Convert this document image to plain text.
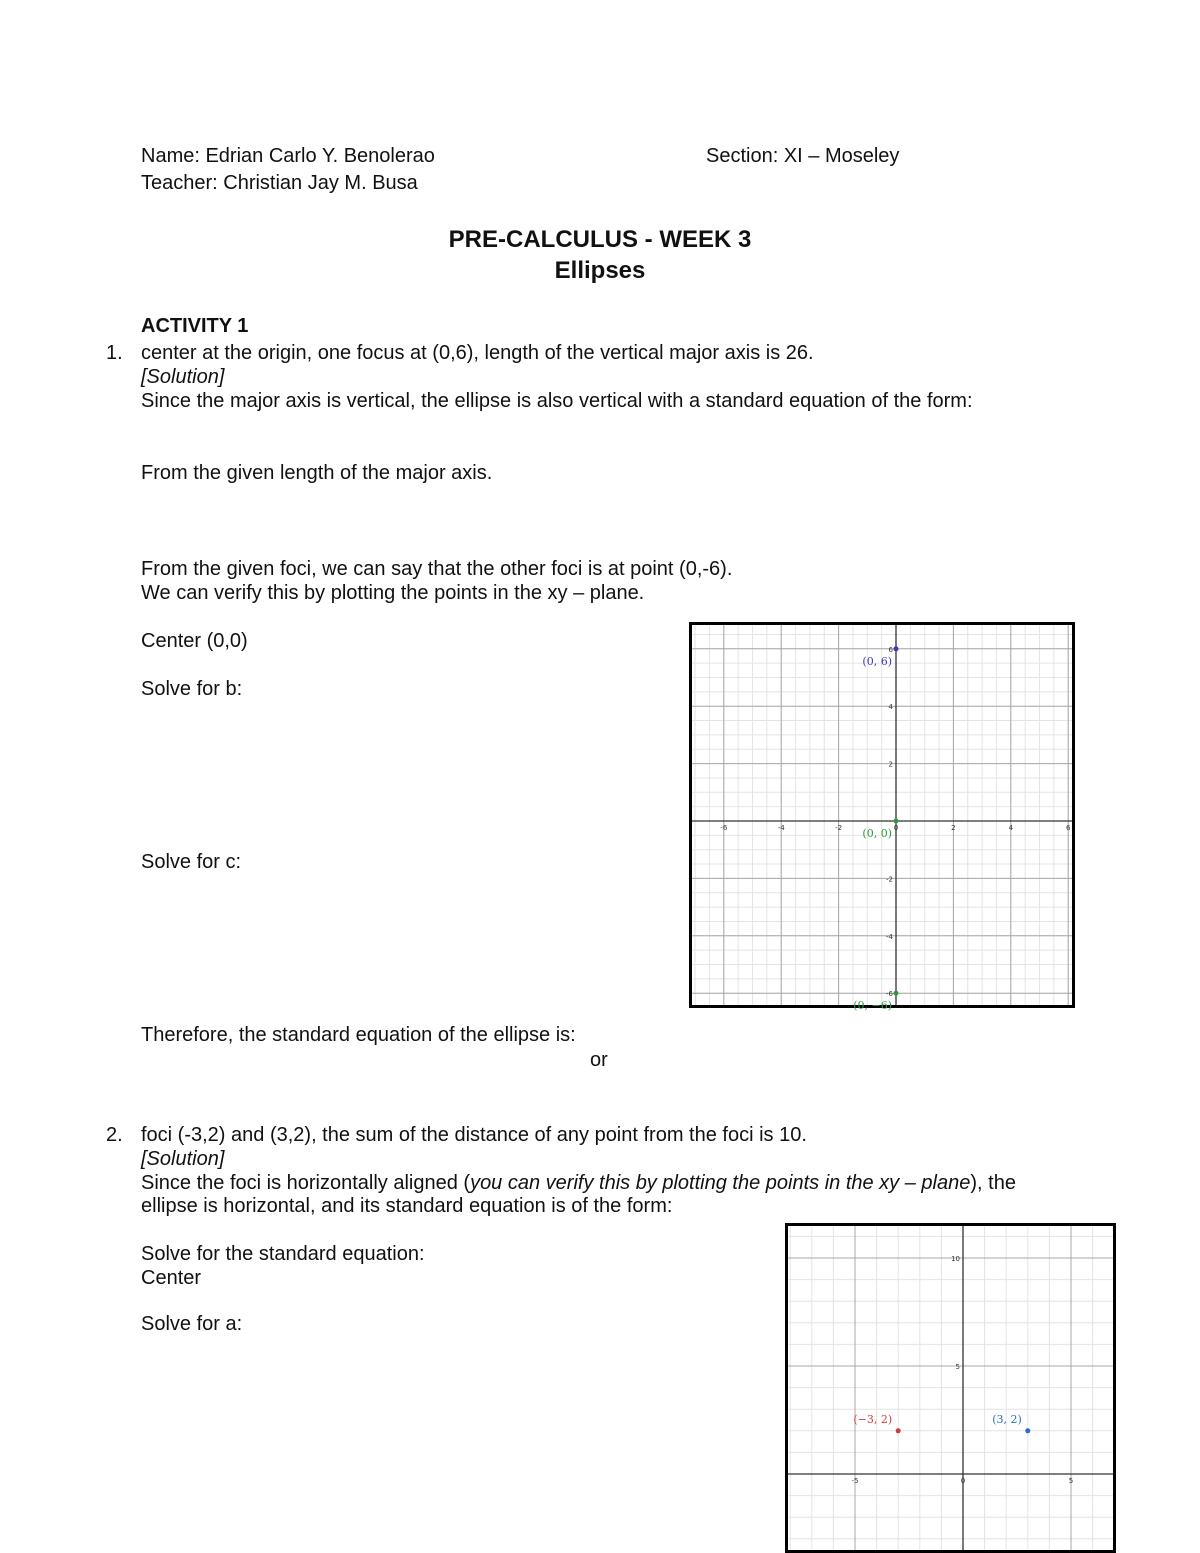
Name: Edrian Carlo Y. Benolerao	Section: XI – Moseley
Teacher: Christian Jay M. Busa
PRE-CALCULUS - WEEK 3
Ellipses
ACTIVITY 1
1. center at the origin, one focus at (0,6), length of the vertical major axis is 26.
[Solution]
Since the major axis is vertical, the ellipse is also vertical with a standard equation of the form:
From the given length of the major axis.
From the given foci, we can say that the other foci is at point (0,-6).
We can verify this by plotting the points in the xy – plane.
Center (0,0)
Solve for b:
Solve for c:
Therefore, the standard equation of the ellipse is:
or
-6	-4	-2	0	2	4	6
6
4
2
-2
-4
-6
(0, 6)
(0, 0)
(0, −6)
2. foci (-3,2) and (3,2), the sum of the distance of any point from the foci is 10.
[Solution]
Since the foci is horizontally aligned (you can verify this by plotting the points in the xy – plane), the
ellipse is horizontal, and its standard equation is of the form:
Solve for the standard equation:
Center
Solve for a:
-5	0	5
10
5
(−3, 2)	(3, 2)
